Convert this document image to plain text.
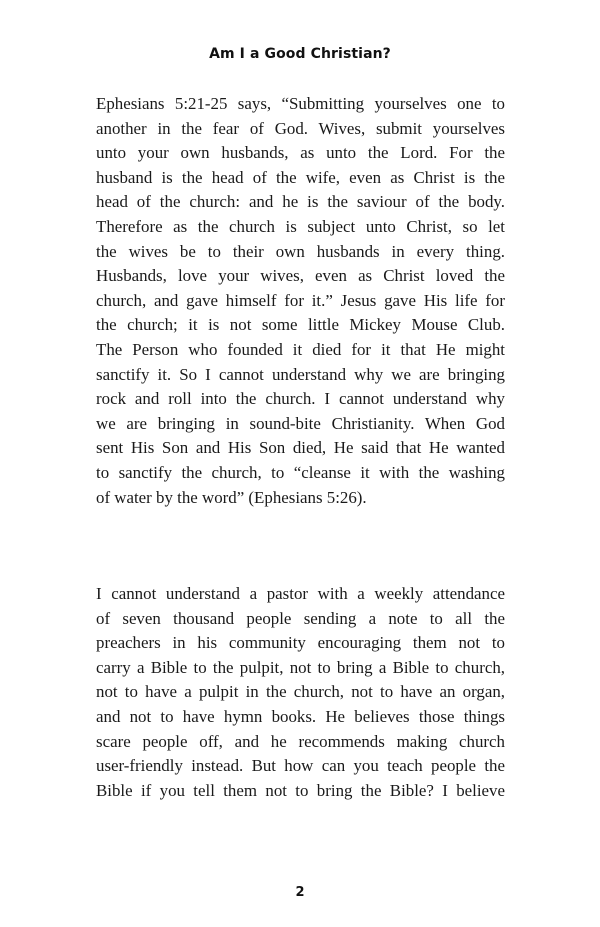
Am I a Good Christian?
Ephesians 5:21-25 says, “Submitting yourselves one to
another in the fear of God. Wives, submit yourselves
unto your own husbands, as unto the Lord. For the
husband is the head of the wife, even as Christ is the
head of the church: and he is the saviour of the body.
Therefore as the church is subject unto Christ, so let
the wives be to their own husbands in every thing.
Husbands, love your wives, even as Christ loved the
church, and gave himself for it.” Jesus gave His life for
the church; it is not some little Mickey Mouse Club.
The Person who founded it died for it that He might
sanctify it. So I cannot understand why we are bringing
rock and roll into the church. I cannot understand why
we are bringing in sound-bite Christianity. When God
sent His Son and His Son died, He said that He wanted
to sanctify the church, to “cleanse it with the washing
of water by the word” (Ephesians 5:26).
I cannot understand a pastor with a weekly attendance
of seven thousand people sending a note to all the
preachers in his community encouraging them not to
carry a Bible to the pulpit, not to bring a Bible to church,
not to have a pulpit in the church, not to have an organ,
and not to have hymn books. He believes those things
scare people off, and he recommends making church
user-friendly instead. But how can you teach people the
Bible if you tell them not to bring the Bible? I believe
2
